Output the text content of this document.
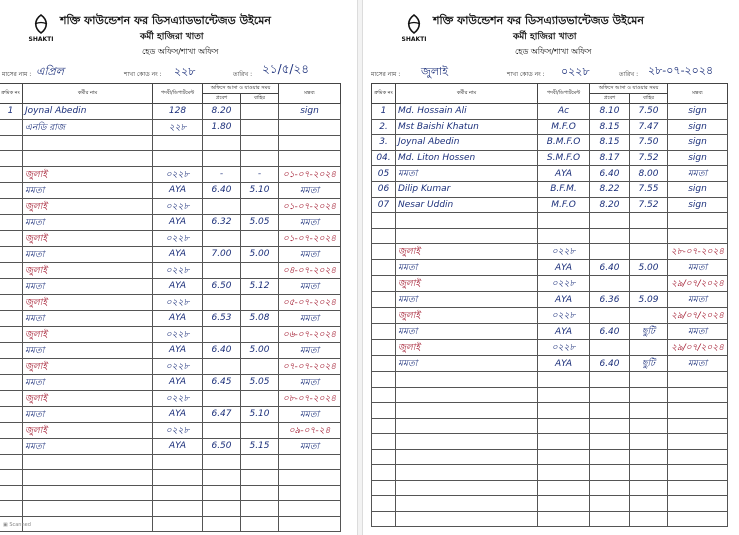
SHAKTI
শক্তি ফাউন্ডেশন ফর ডিসএ্যাডভান্টেজড উইমেন
কর্মী হাজিরা খাতা
হেড অফিস/শাখা অফিস
মাসের নাম : এপ্রিল	শাখা কোড নং : ২২৮	তারিখ : ২১/৫/২৪
ক্রমিক নং	কর্মীর নাম	পদবী/ডিপার্টমেন্ট	অফিসে আসা ও যাওয়ার সময়		মন্তব্য
			প্রবেশ	বাহির	
1	Joynal Abedin	128	8.20		sign
	এনডি রাজ	২২৮	1.80		

	জুলাই	০২২৮	-	-	০১-০৭-২০২৪
	মমতা	AYA	6.40	5.10	মমতা
	জুলাই	০২২৮			০১-০৭-২০২৪
	মমতা	AYA	6.32	5.05	মমতা
	জুলাই	০২২৮			০১-০৭-২০২৪
	মমতা	AYA	7.00	5.00	মমতা
	জুলাই	০২২৮			০৪-০৭-২০২৪
	মমতা	AYA	6.50	5.12	মমতা
	জুলাই	০২২৮			০৫-০৭-২০২৪
	মমতা	AYA	6.53	5.08	মমতা
	জুলাই	০২২৮			০৬-০৭-২০২৪
	মমতা	AYA	6.40	5.00	মমতা
	জুলাই	০২২৮			০৭-০৭-২০২৪
	মমতা	AYA	6.45	5.05	মমতা
	জুলাই	০২২৮			০৮-০৭-২০২৪
	মমতা	AYA	6.47	5.10	মমতা
	জুলাই	০২২৮			০৯-০৭-২৪
	মমতা	AYA	6.50	5.15	মমতা

▣ Scanned
SHAKTI
শক্তি ফাউন্ডেশন ফর ডিসএ্যাডভান্টেজড উইমেন
কর্মী হাজিরা খাতা
হেড অফিস/শাখা অফিস
মাসের নাম : জুলাই	শাখা কোড নং : ০২২৮	তারিখ : ২৮-০৭-২০২৪
ক্রমিক নং	কর্মীর নাম	পদবী/ডিপার্টমেন্ট	অফিসে আসা ও যাওয়ার সময়		মন্তব্য
			প্রবেশ	বাহির	
1	Md. Hossain Ali	Ac	8.10	7.50	sign
2.	Mst Baishi Khatun	M.F.O	8.15	7.47	sign
3.	Joynal Abedin	B.M.F.O	8.15	7.50	sign
04.	Md. Liton Hossen	S.M.F.O	8.17	7.52	sign
05	মমতা	AYA	6.40	8.00	মমতা
06	Dilip Kumar	B.F.M.	8.22	7.55	sign
07	Nesar Uddin	M.F.O	8.20	7.52	sign

	জুলাই	০২২৮			২৮-০৭-২০২৪
	মমতা	AYA	6.40	5.00	মমতা
	জুলাই	০২২৮			২৯/০৭/২০২৪
	মমতা	AYA	6.36	5.09	মমতা
	জুলাই	০২২৮			২৯/০৭/২০২৪
	মমতা	AYA	6.40	ছুটি	মমতা
	জুলাই	০২২৮			২৯/০৭/২০২৪
	মমতা	AYA	6.40	ছুটি	মমতা
